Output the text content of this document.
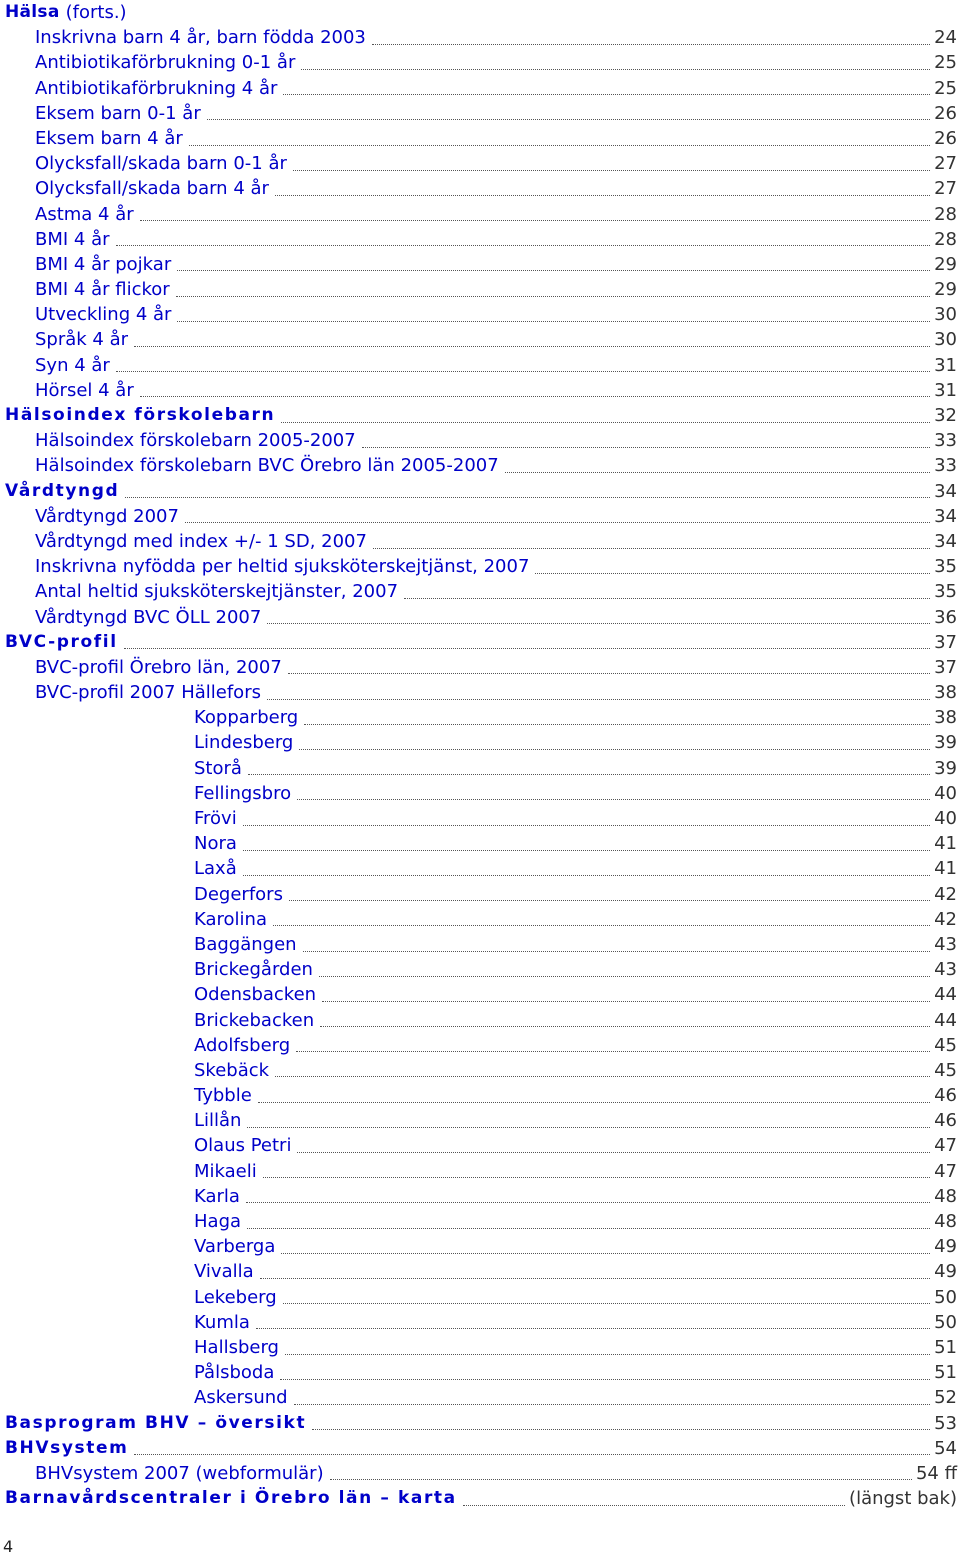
Hälsa (forts.)
Inskrivna barn 4 år, barn födda 2003	24
Antibiotikaförbrukning 0-1 år	25
Antibiotikaförbrukning 4 år	25
Eksem barn 0-1 år	26
Eksem barn 4 år	26
Olycksfall/skada barn 0-1 år	27
Olycksfall/skada barn 4 år	27
Astma 4 år	28
BMI 4 år	28
BMI 4 år pojkar	29
BMI 4 år flickor	29
Utveckling 4 år	30
Språk 4 år	30
Syn 4 år	31
Hörsel 4 år	31
Hälsoindex förskolebarn	32
Hälsoindex förskolebarn 2005-2007	33
Hälsoindex förskolebarn BVC Örebro län 2005-2007	33
Vårdtyngd	34
Vårdtyngd 2007	34
Vårdtyngd med index +/- 1 SD, 2007	34
Inskrivna nyfödda per heltid sjuksköterskejtjänst, 2007	35
Antal heltid sjuksköterskejtjänster, 2007	35
Vårdtyngd BVC ÖLL 2007	36
BVC-profil	37
BVC-profil Örebro län, 2007	37
BVC-profil 2007 Hällefors	38
Kopparberg	38
Lindesberg	39
Storå	39
Fellingsbro	40
Frövi	40
Nora	41
Laxå	41
Degerfors	42
Karolina	42
Baggängen	43
Brickegården	43
Odensbacken	44
Brickebacken	44
Adolfsberg	45
Skebäck	45
Tybble	46
Lillån	46
Olaus Petri	47
Mikaeli	47
Karla	48
Haga	48
Varberga	49
Vivalla	49
Lekeberg	50
Kumla	50
Hallsberg	51
Pålsboda	51
Askersund	52
Basprogram BHV – översikt	53
BHVsystem	54
BHVsystem 2007 (webformulär)	54 ff
Barnavårdscentraler i Örebro län – karta	(längst bak)
4
